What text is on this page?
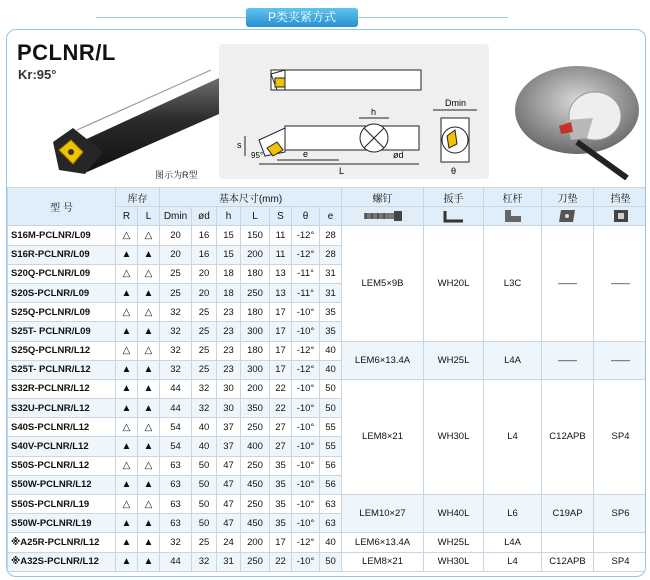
P类夹紧方式
PCLNR/L
Kr:95°
图示为R型
h
s
95°	e
L
ød
Dmin
θ
型 号	库存		基本尺寸(mm)							螺钉	扳手	杠杆	刀垫	挡垫
	R	L	Dmin	ød	h	L	S	θ	e	

S16M-PCLNR/L09	△	△	20	16	15	150	11	-12°	28	LEM5×9B	WH20L	L3C	——	——
S16R-PCLNR/L09	▲	▲	20	16	15	200	11	-12°	28					
S20Q-PCLNR/L09	△	△	25	20	18	180	13	-11°	31					
S20S-PCLNR/L09	▲	▲	25	20	18	250	13	-11°	31					
S25Q-PCLNR/L09	△	△	32	25	23	180	17	-10°	35					
S25T- PCLNR/L09	▲	▲	32	25	23	300	17	-10°	35					
S25Q-PCLNR/L12	△	△	32	25	23	180	17	-12°	40	LEM6×13.4A	WH25L	L4A	——	——
S25T- PCLNR/L12	▲	▲	32	25	23	300	17	-12°	40					
S32R-PCLNR/L12	▲	▲	44	32	30	200	22	-10°	50	LEM8×21	WH30L	L4	C12APB	SP4
S32U-PCLNR/L12	▲	▲	44	32	30	350	22	-10°	50					
S40S-PCLNR/L12	△	△	54	40	37	250	27	-10°	55					
S40V-PCLNR/L12	▲	▲	54	40	37	400	27	-10°	55					
S50S-PCLNR/L12	△	△	63	50	47	250	35	-10°	56					
S50W-PCLNR/L12	▲	▲	63	50	47	450	35	-10°	56					
S50S-PCLNR/L19	△	△	63	50	47	250	35	-10°	63	LEM10×27	WH40L	L6	C19AP	SP6
S50W-PCLNR/L19	▲	▲	63	50	47	450	35	-10°	63					
※A25R-PCLNR/L12	▲	▲	32	25	24	200	17	-12°	40	LEM6×13.4A	WH25L	L4A		
※A32S-PCLNR/L12	▲	▲	44	32	31	250	22	-10°	50	LEM8×21	WH30L	L4	C12APB	SP4
